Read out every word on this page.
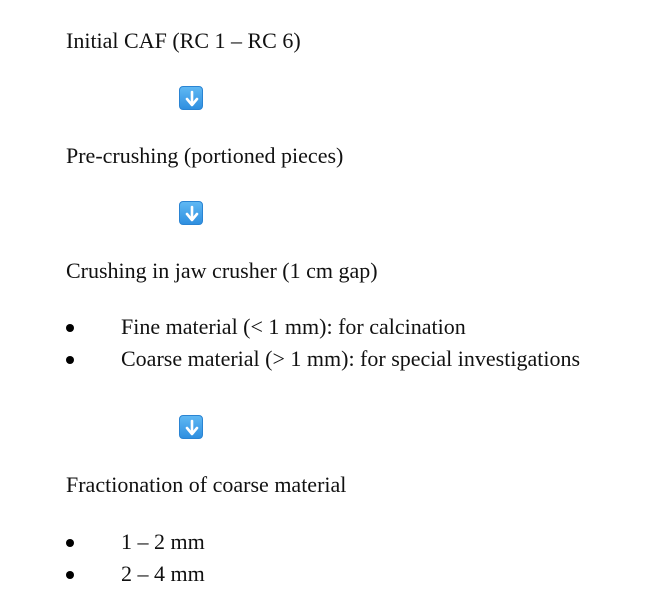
Initial CAF (RC 1 – RC 6)
Pre-crushing (portioned pieces)
Crushing in jaw crusher (1 cm gap)
Fine material (< 1 mm): for calcination
Coarse material (> 1 mm): for special investigations
Fractionation of coarse material
1 – 2 mm
2 – 4 mm
